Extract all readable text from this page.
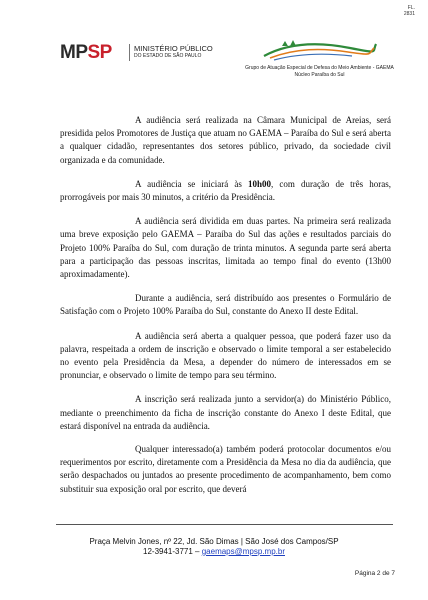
FL.
2831
MPSP	MINISTÉRIO PÚBLICO
DO ESTADO DE SÃO PAULO
Grupo de Atuação Especial de Defesa do Meio Ambiente - GAEMA
Núcleo Paraíba do Sul

A audiência será realizada na Câmara Municipal de Areias, será presidida pelos Promotores de Justiça que atuam no GAEMA – Paraíba do Sul e será aberta a qualquer cidadão, representantes dos setores público, privado, da sociedade civil organizada e da comunidade.

A audiência se iniciará às 10h00, com duração de três horas, prorrogáveis por mais 30 minutos, a critério da Presidência.

A audiência será dividida em duas partes. Na primeira será realizada uma breve exposição pelo GAEMA – Paraíba do Sul das ações e resultados parciais do Projeto 100% Paraíba do Sul, com duração de trinta minutos. A segunda parte será aberta para a participação das pessoas inscritas, limitada ao tempo final do evento (13h00 aproximadamente).

Durante a audiência, será distribuído aos presentes o Formulário de Satisfação com o Projeto 100% Paraíba do Sul, constante do Anexo II deste Edital.

A audiência será aberta a qualquer pessoa, que poderá fazer uso da palavra, respeitada a ordem de inscrição e observado o limite temporal a ser estabelecido no evento pela Presidência da Mesa, a depender do número de interessados em se pronunciar, e observado o limite de tempo para seu término.

A inscrição será realizada junto a servidor(a) do Ministério Público, mediante o preenchimento da ficha de inscrição constante do Anexo I deste Edital, que estará disponível na entrada da audiência.

Qualquer interessado(a) também poderá protocolar documentos e/ou requerimentos por escrito, diretamente com a Presidência da Mesa no dia da audiência, que serão despachados ou juntados ao presente procedimento de acompanhamento, bem como substituir sua exposição oral por escrito, que deverá

Praça Melvin Jones, nº 22, Jd. São Dimas | São José dos Campos/SP
12-3941-3771 – gaemaps@mpsp.mp.br
Página 2 de 7
